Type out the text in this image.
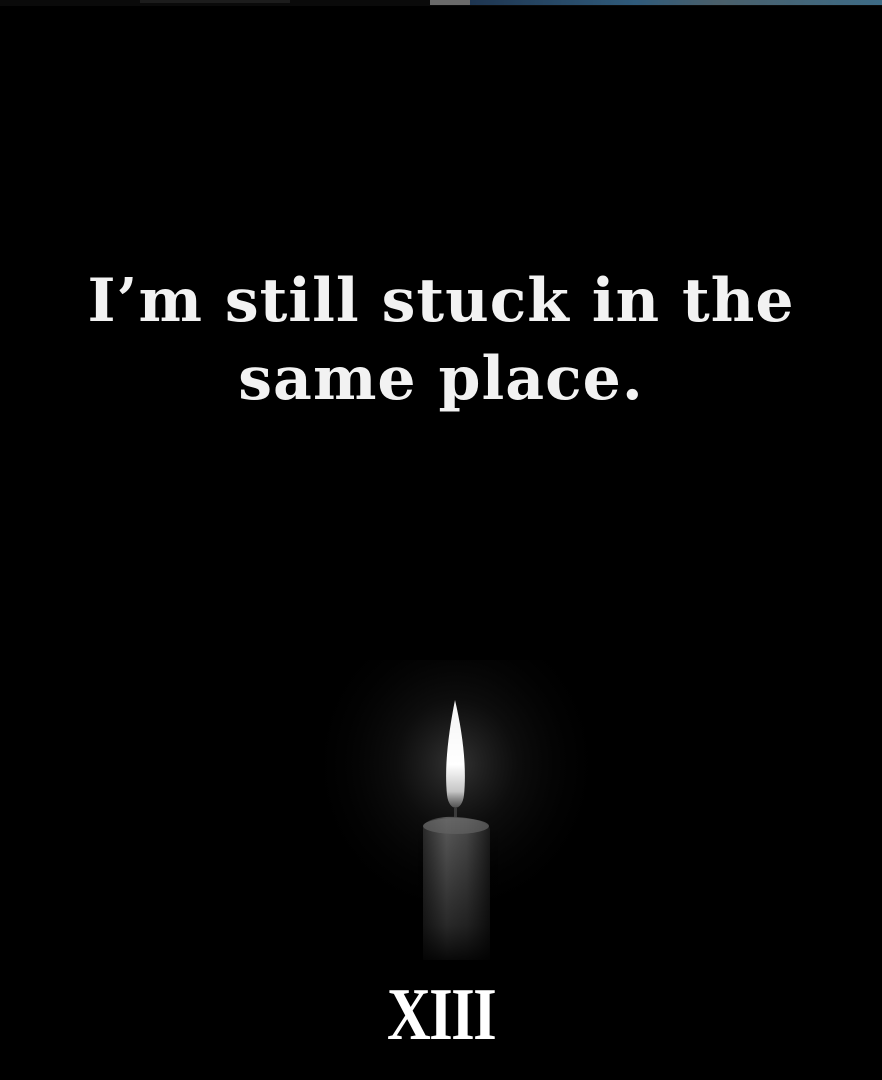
I’m still stuck in the
same place.
XIII
